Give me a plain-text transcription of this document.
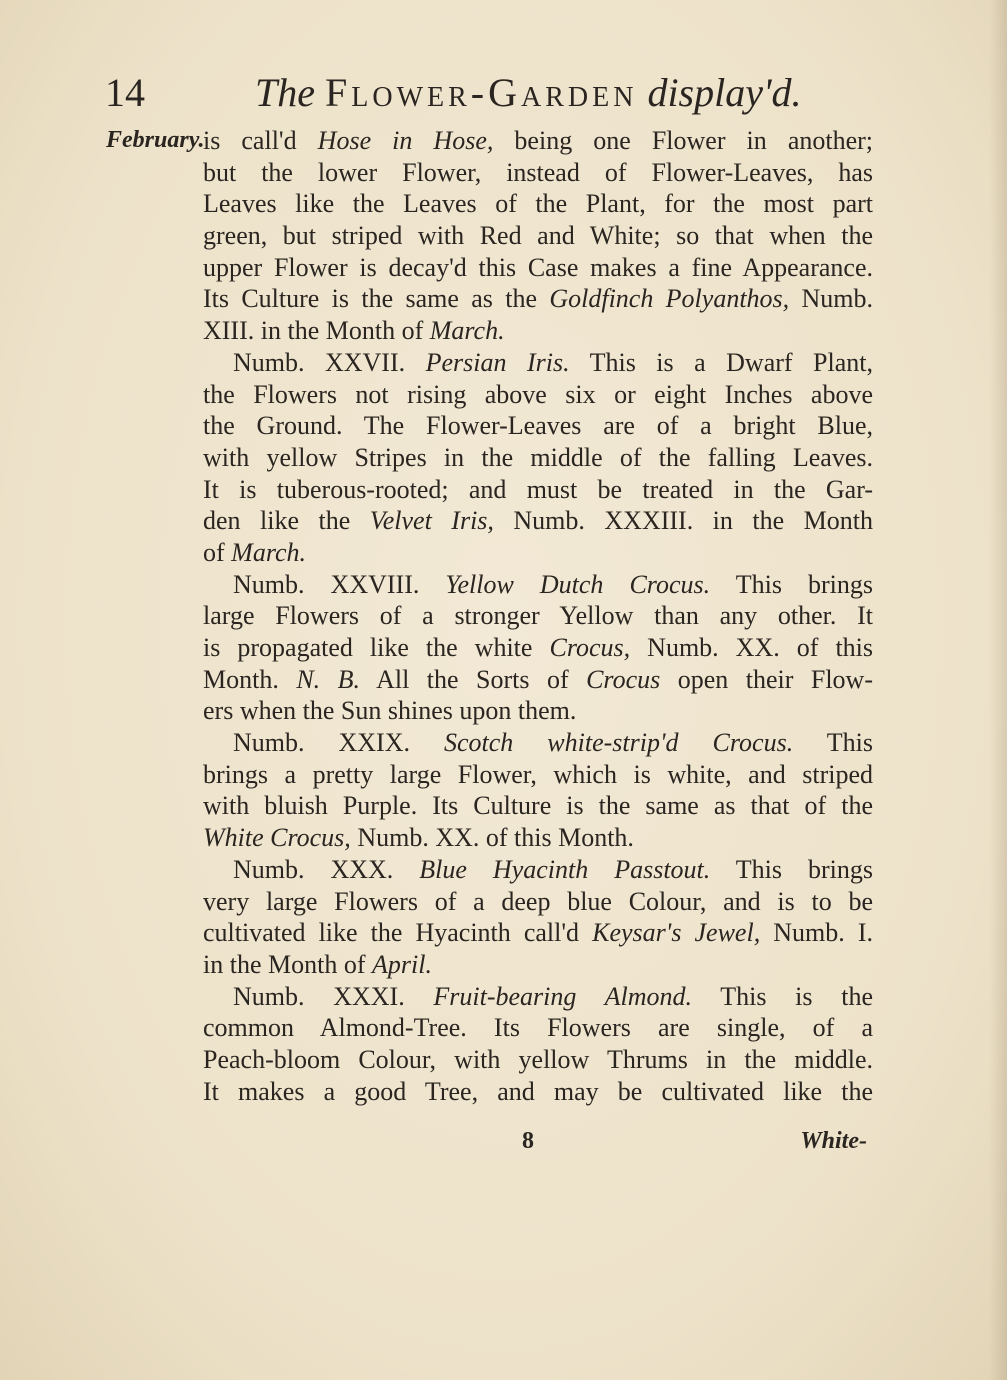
14	The Flower-Garden display'd.
February.
is call'd Hose in Hose, being one Flower in another;
but the lower Flower, instead of Flower-Leaves, has
Leaves like the Leaves of the Plant, for the most part
green, but striped with Red and White; so that when the
upper Flower is decay'd this Case makes a fine Appearance.
Its Culture is the same as the Goldfinch Polyanthos, Numb.
XIII. in the Month of March.
Numb. XXVII. Persian Iris. This is a Dwarf Plant,
the Flowers not rising above six or eight Inches above
the Ground. The Flower-Leaves are of a bright Blue,
with yellow Stripes in the middle of the falling Leaves.
It is tuberous-rooted; and must be treated in the Gar-
den like the Velvet Iris, Numb. XXXIII. in the Month
of March.
Numb. XXVIII. Yellow Dutch Crocus. This brings
large Flowers of a stronger Yellow than any other. It
is propagated like the white Crocus, Numb. XX. of this
Month. N. B. All the Sorts of Crocus open their Flow-
ers when the Sun shines upon them.
Numb. XXIX. Scotch white-strip'd Crocus. This
brings a pretty large Flower, which is white, and striped
with bluish Purple. Its Culture is the same as that of the
White Crocus, Numb. XX. of this Month.
Numb. XXX. Blue Hyacinth Passtout. This brings
very large Flowers of a deep blue Colour, and is to be
cultivated like the Hyacinth call'd Keysar's Jewel, Numb. I.
in the Month of April.
Numb. XXXI. Fruit-bearing Almond. This is the
common Almond-Tree. Its Flowers are single, of a
Peach-bloom Colour, with yellow Thrums in the middle.
It makes a good Tree, and may be cultivated like the
8	White-
